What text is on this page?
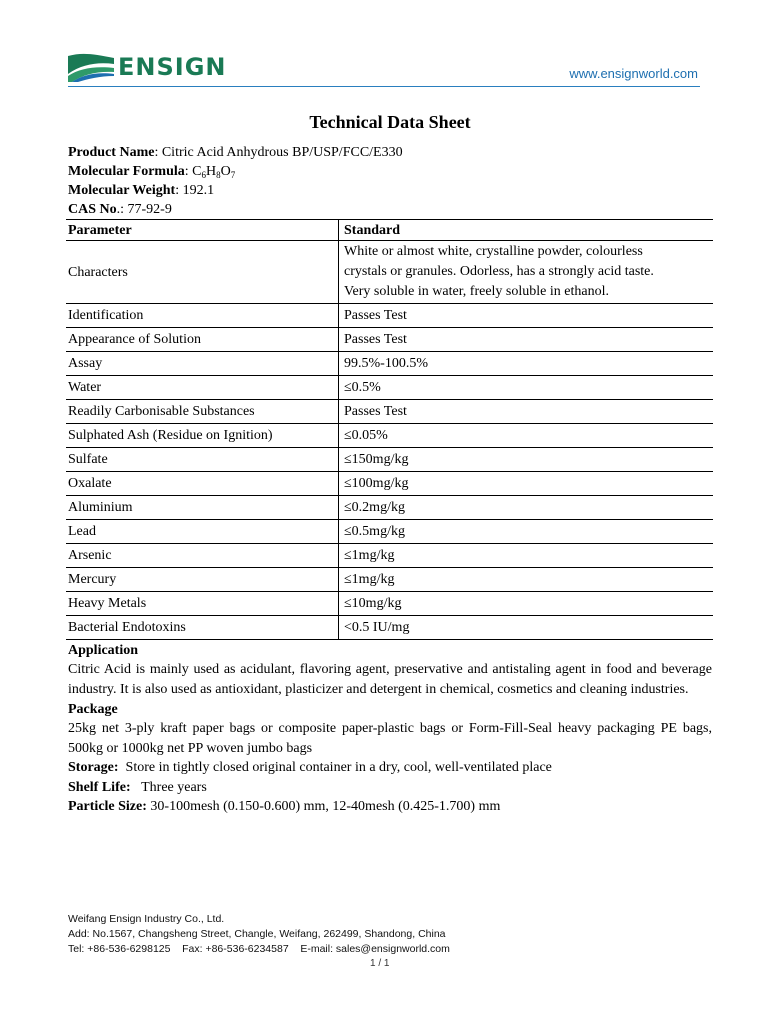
ENSIGN	www.ensignworld.com
Technical Data Sheet

Product Name: Citric Acid Anhydrous BP/USP/FCC/E330

Molecular Formula: $C_6H_8O_7$

Molecular Weight: 192.1

CAS No.: 77-92-9

Parameter	Standard
Characters	White or almost white, crystalline powder, colourless
crystals or granules. Odorless, has a strongly acid taste.
Very soluble in water, freely soluble in ethanol.
Identification	Passes Test
Appearance of Solution	Passes Test
Assay	99.5%-100.5%
Water	≤0.5%
Readily Carbonisable Substances	Passes Test
Sulphated Ash (Residue on Ignition)	≤0.05%
Sulfate	≤150mg/kg
Oxalate	≤100mg/kg
Aluminium	≤0.2mg/kg
Lead	≤0.5mg/kg
Arsenic	≤1mg/kg
Mercury	≤1mg/kg
Heavy Metals	≤10mg/kg
Bacterial Endotoxins	<0.5 IU/mg

Application

Citric Acid is mainly used as acidulant, flavoring agent, preservative and antistaling agent in food and beverage industry. It is also used as antioxidant, plasticizer and detergent in chemical, cosmetics and cleaning industries.

Package

25kg net 3-ply kraft paper bags or composite paper-plastic bags or Form-Fill-Seal heavy packaging PE bags, 500kg or 1000kg net PP woven jumbo bags

Storage: Store in tightly closed original container in a dry, cool, well-ventilated place

Shelf Life: Three years

Particle Size: 30-100mesh (0.150-0.600) mm, 12-40mesh (0.425-1.700) mm

Weifang Ensign Industry Co., Ltd.
Add: No.1567, Changsheng Street, Changle, Weifang, 262499, Shandong, China
Tel: +86-536-6298125    Fax: +86-536-6234587    E-mail: sales@ensignworld.com
1 / 1
